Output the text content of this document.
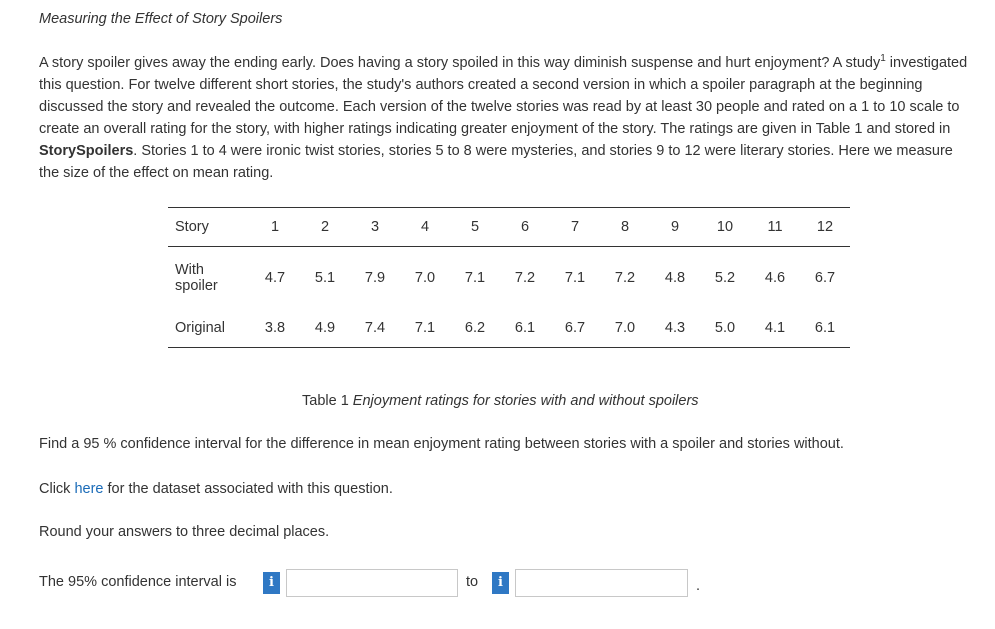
Measuring the Effect of Story Spoilers
A story spoiler gives away the ending early. Does having a story spoiled in this way diminish suspense and hurt enjoyment? A study$^1$ investigated this question. For twelve different short stories, the study's authors created a second version in which a spoiler paragraph at the beginning discussed the story and revealed the outcome. Each version of the twelve stories was read by at least 30 people and rated on a 1 to 10 scale to create an overall rating for the story, with higher ratings indicating greater enjoyment of the story. The ratings are given in Table 1 and stored in StorySpoilers. Stories 1 to 4 were ironic twist stories, stories 5 to 8 were mysteries, and stories 9 to 12 were literary stories. Here we measure the size of the effect on mean rating.
Story	1	2	3	4	5	6	7	8	9	10	11	12
With spoiler	4.7	5.1	7.9	7.0	7.1	7.2	7.1	7.2	4.8	5.2	4.6	6.7
Original	3.8	4.9	7.4	7.1	6.2	6.1	6.7	7.0	4.3	5.0	4.1	6.1
Table 1 Enjoyment ratings for stories with and without spoilers
Find a 95 % confidence interval for the difference in mean enjoyment rating between stories with a spoiler and stories without.
Click here for the dataset associated with this question.
Round your answers to three decimal places.
The 95% confidence interval is	i	to	i	.
